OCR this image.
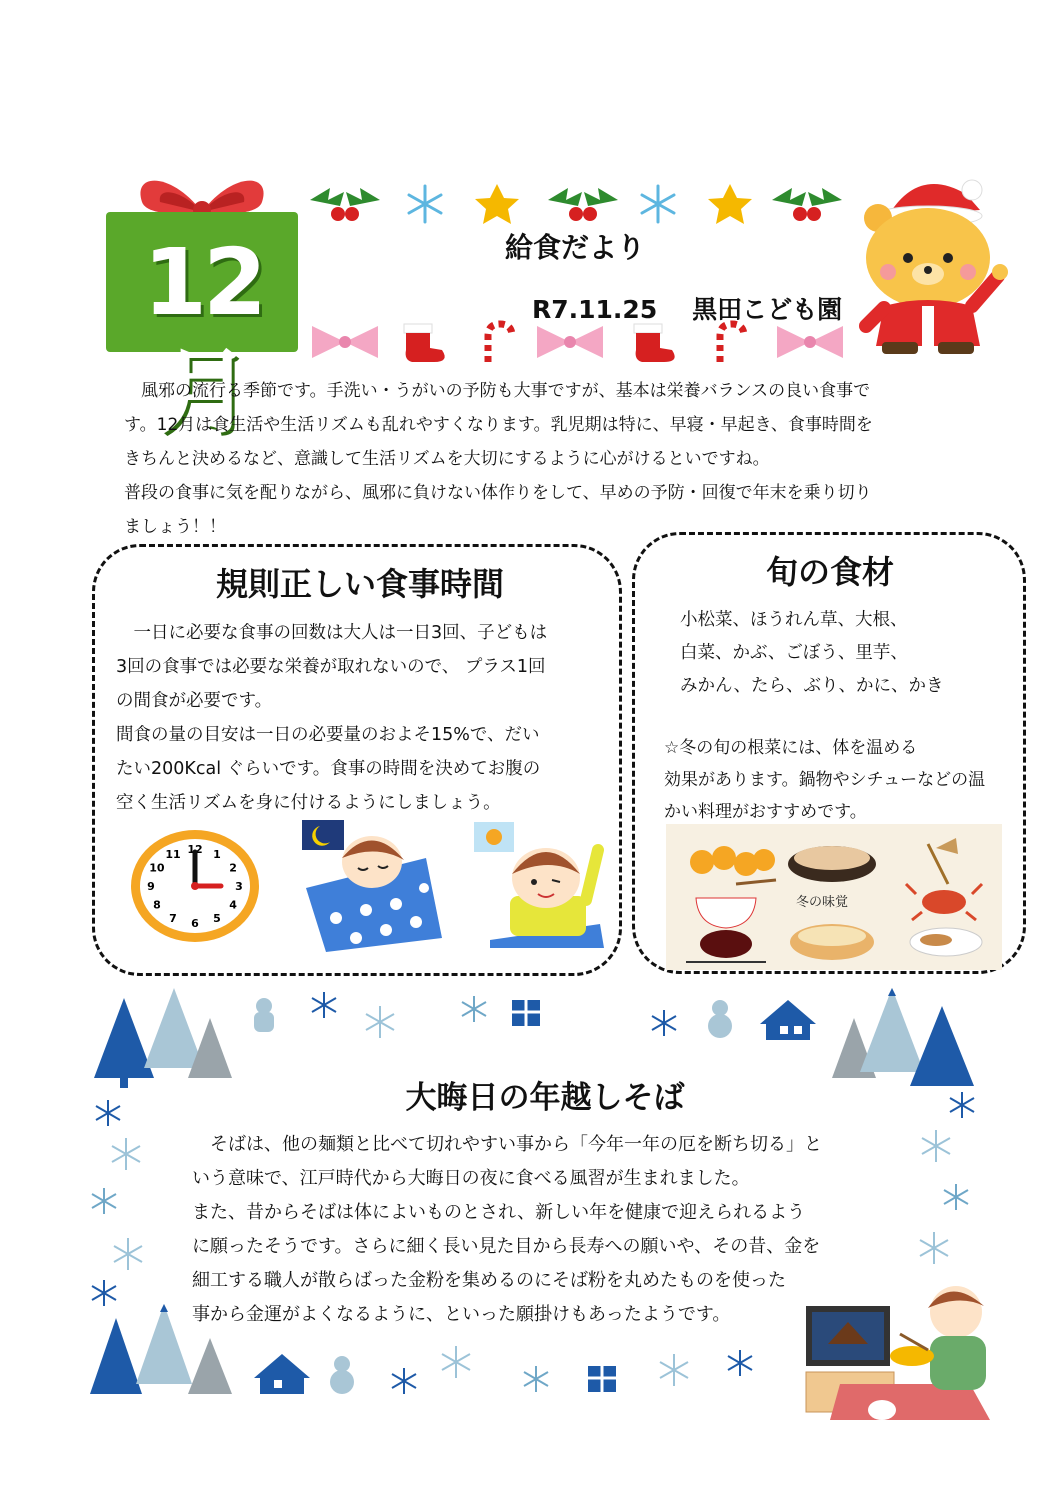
12月
給食だより
R7.11.25 黒田こども園

　風邪の流行る季節です。手洗い・うがいの予防も大事ですが、基本は栄養バランスの良い食事で

す。12月は食生活や生活リズムも乱れやすくなります。乳児期は特に、早寝・早起き、食事時間を

きちんと決めるなど、意識して生活リズムを大切にするように心がけるといですね。

普段の食事に気を配りながら、風邪に負けない体作りをして、早めの予防・回復で年末を乗り切り

ましょう！！

規則正しい食事時間

　一日に必要な食事の回数は大人は一日3回、子どもは

3回の食事では必要な栄養が取れないので、 プラス1回

の間食が必要です。

間食の量の目安は一日の必要量のおよそ15%で、だい

たい200Kcal ぐらいです。食事の時間を決めてお腹の

空く生活リズムを身に付けるようにしましょう。

12 1
2
3
4
5
6
7
8
9
10
11
旬の食材
小松菜、ほうれん草、大根、
白菜、かぶ、ごぼう、里芋、
みかん、たら、ぶり、かに、かき

☆冬の旬の根菜には、体を温める

効果があります。鍋物やシチューなどの温

かい料理がおすすめです。

冬の味覚
大晦日の年越しそば

　そばは、他の麺類と比べて切れやすい事から「今年一年の厄を断ち切る」と

いう意味で、江戸時代から大晦日の夜に食べる風習が生まれました。

また、昔からそばは体によいものとされ、新しい年を健康で迎えられるよう

に願ったそうです。さらに細く長い見た目から長寿への願いや、その昔、金を

細工する職人が散らばった金粉を集めるのにそば粉を丸めたものを使った

事から金運がよくなるように、といった願掛けもあったようです。
